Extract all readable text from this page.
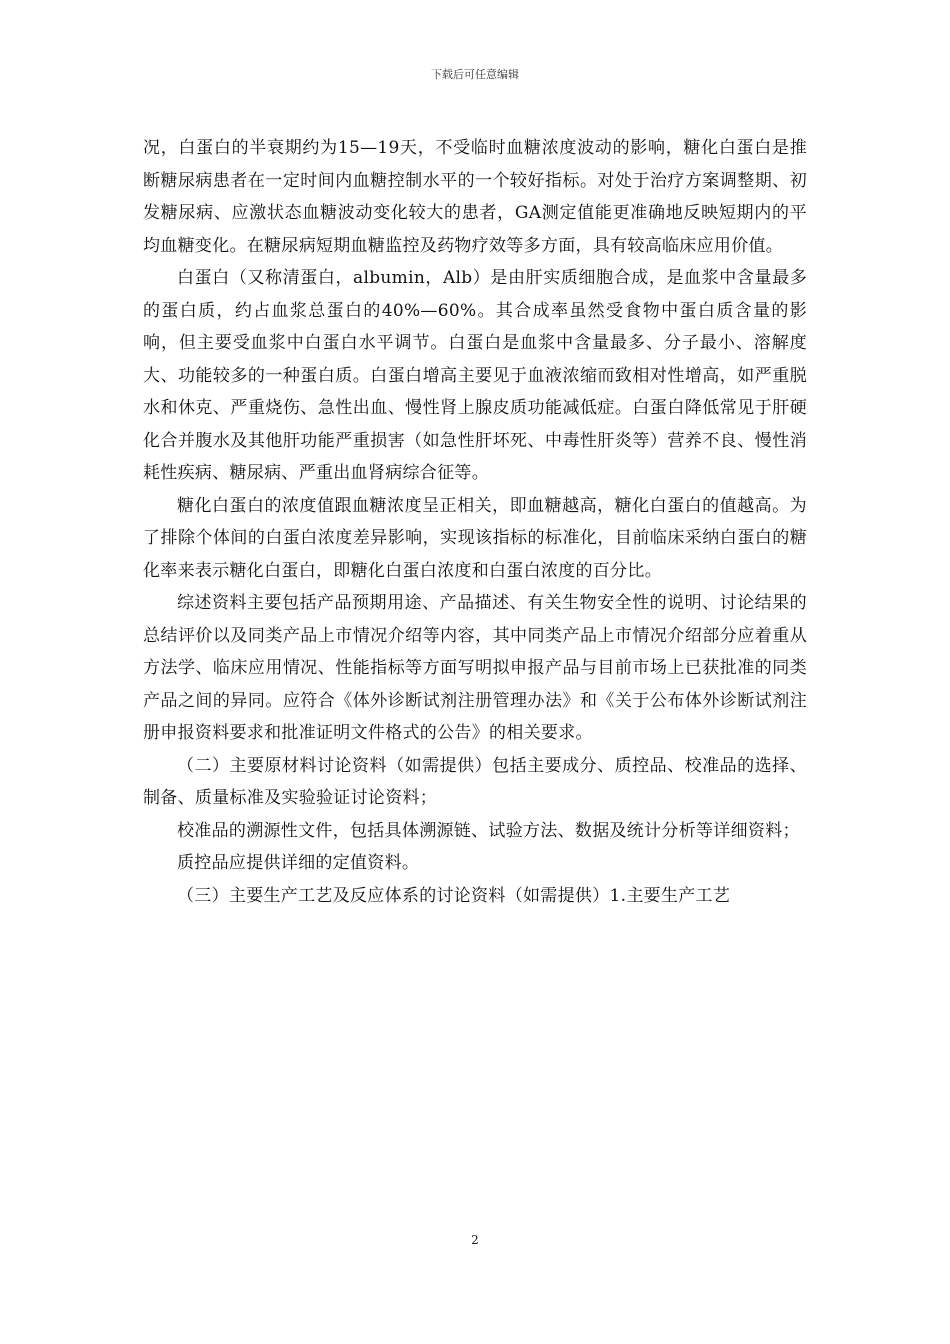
下载后可任意编辑

况，白蛋白的半衰期约为15—19天，不受临时血糖浓度波动的影响，糖化白蛋白是推断糖尿病患者在一定时间内血糖控制水平的一个较好指标。对处于治疗方案调整期、初发糖尿病、应激状态血糖波动变化较大的患者，GA测定值能更准确地反映短期内的平均血糖变化。在糖尿病短期血糖监控及药物疗效等多方面，具有较高临床应用价值。

白蛋白（又称清蛋白，albumin，Alb）是由肝实质细胞合成，是血浆中含量最多的蛋白质，约占血浆总蛋白的40%—60%。其合成率虽然受食物中蛋白质含量的影响，但主要受血浆中白蛋白水平调节。白蛋白是血浆中含量最多、分子最小、溶解度大、功能较多的一种蛋白质。白蛋白增高主要见于血液浓缩而致相对性增高，如严重脱水和休克、严重烧伤、急性出血、慢性肾上腺皮质功能减低症。白蛋白降低常见于肝硬化合并腹水及其他肝功能严重损害（如急性肝坏死、中毒性肝炎等）营养不良、慢性消耗性疾病、糖尿病、严重出血肾病综合征等。

糖化白蛋白的浓度值跟血糖浓度呈正相关，即血糖越高，糖化白蛋白的值越高。为了排除个体间的白蛋白浓度差异影响，实现该指标的标准化，目前临床采纳白蛋白的糖化率来表示糖化白蛋白，即糖化白蛋白浓度和白蛋白浓度的百分比。

综述资料主要包括产品预期用途、产品描述、有关生物安全性的说明、讨论结果的总结评价以及同类产品上市情况介绍等内容，其中同类产品上市情况介绍部分应着重从方法学、临床应用情况、性能指标等方面写明拟申报产品与目前市场上已获批准的同类产品之间的异同。应符合《体外诊断试剂注册管理办法》和《关于公布体外诊断试剂注册申报资料要求和批准证明文件格式的公告》的相关要求。

（二）主要原材料讨论资料（如需提供）包括主要成分、质控品、校准品的选择、制备、质量标准及实验验证讨论资料；

校准品的溯源性文件，包括具体溯源链、试验方法、数据及统计分析等详细资料；

质控品应提供详细的定值资料。

（三）主要生产工艺及反应体系的讨论资料（如需提供）1.主要生产工艺

2
